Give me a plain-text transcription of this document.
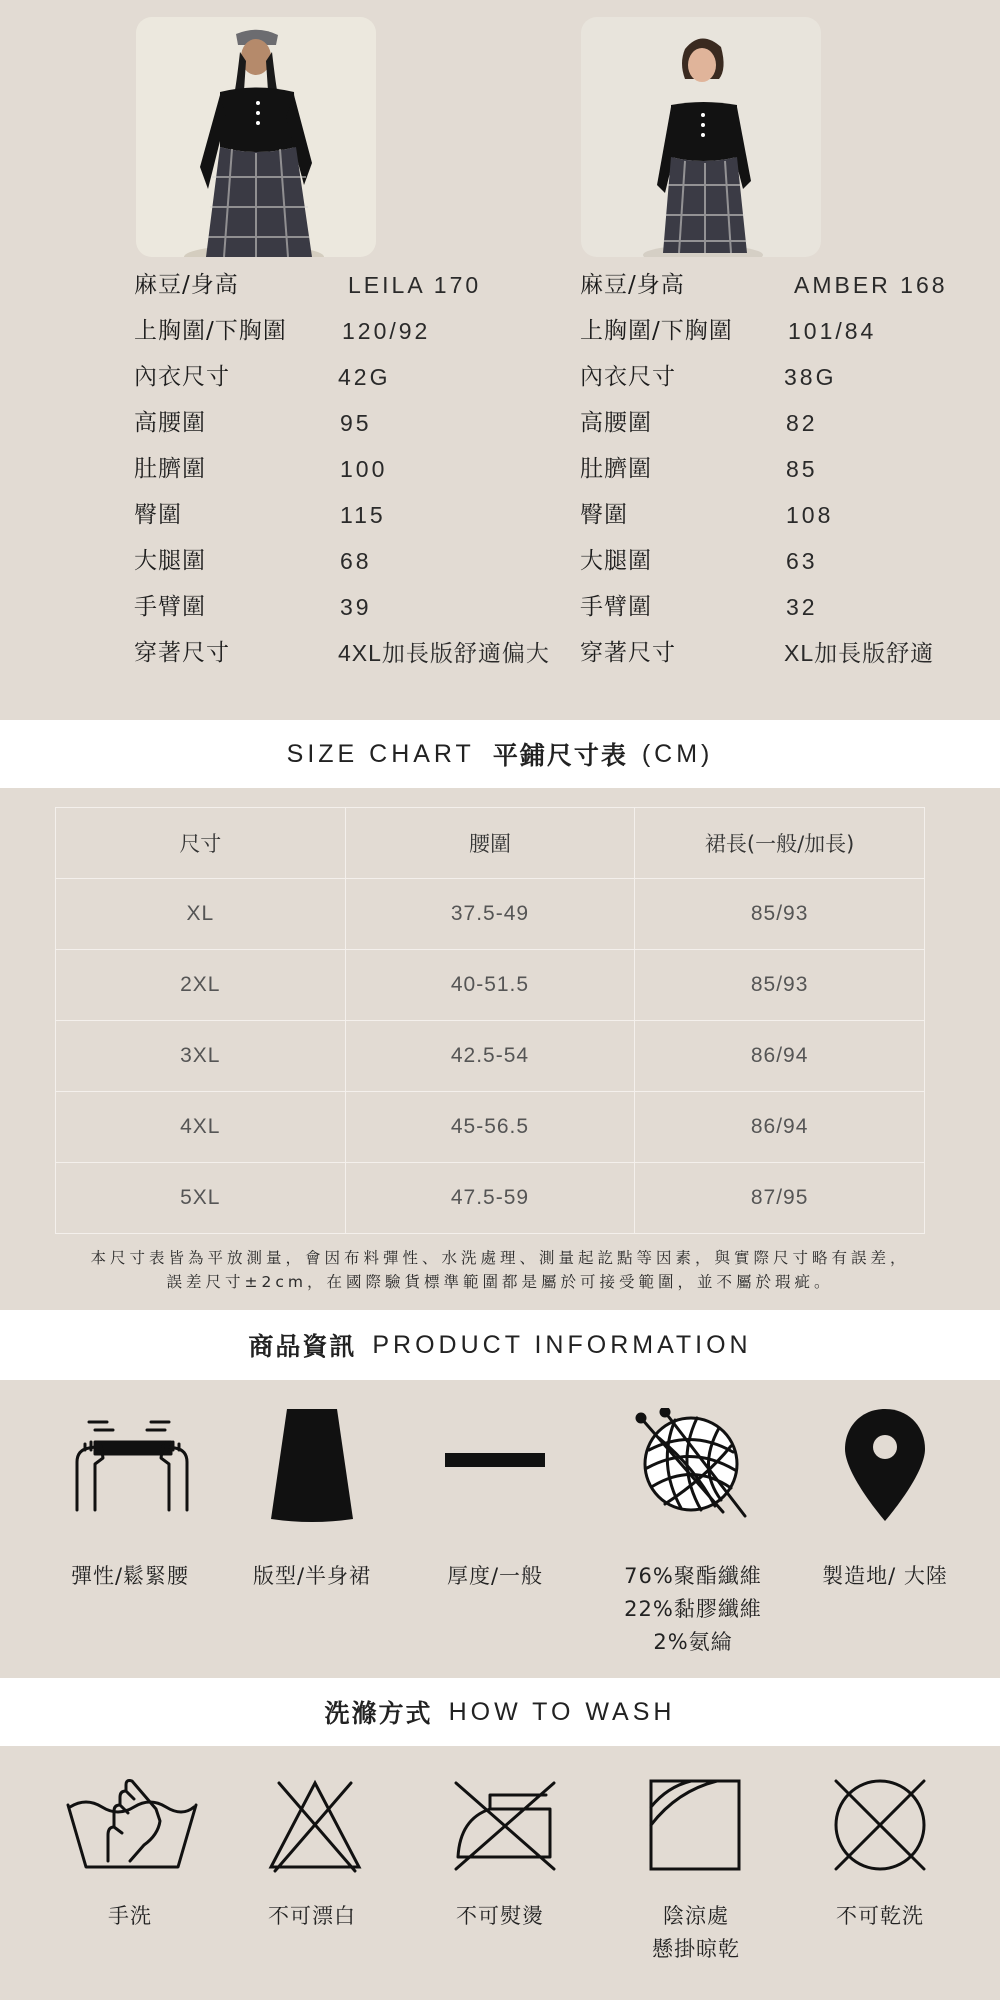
麻豆/身高	LEILA 170
上胸圍/下胸圍 120/92
內衣尺寸	42G
高腰圍	95
肚臍圍	100
臀圍	115
大腿圍	68
手臂圍	39
穿著尺寸	4XL加長版舒適偏大
麻豆/身高	AMBER 168
上胸圍/下胸圍 101/84
內衣尺寸	38G
高腰圍	82
肚臍圍	85
臀圍	108
大腿圍	63
手臂圍	32
穿著尺寸	XL加長版舒適
SIZE CHART 平鋪尺寸表 (CM)
尺寸	腰圍	裙長(一般/加長)
XL	37.5-49	85/93
2XL	40-51.5	85/93
3XL	42.5-54	86/94
4XL	45-56.5	86/94
5XL	47.5-59	87/95
本尺寸表皆為平放測量，會因布料彈性、水洗處理、測量起訖點等因素，與實際尺寸略有誤差，
誤差尺寸±2cm，在國際驗貨標準範圍都是屬於可接受範圍，並不屬於瑕疵。
商品資訊 PRODUCT INFORMATION
彈性/鬆緊腰	版型/半身裙	厚度/一般	76%聚酯纖維
22%黏膠纖維
2%氨綸
製造地/ 大陸
洗滌方式 HOW TO WASH
手洗	不可漂白	不可熨燙	陰涼處
懸掛晾乾
不可乾洗
